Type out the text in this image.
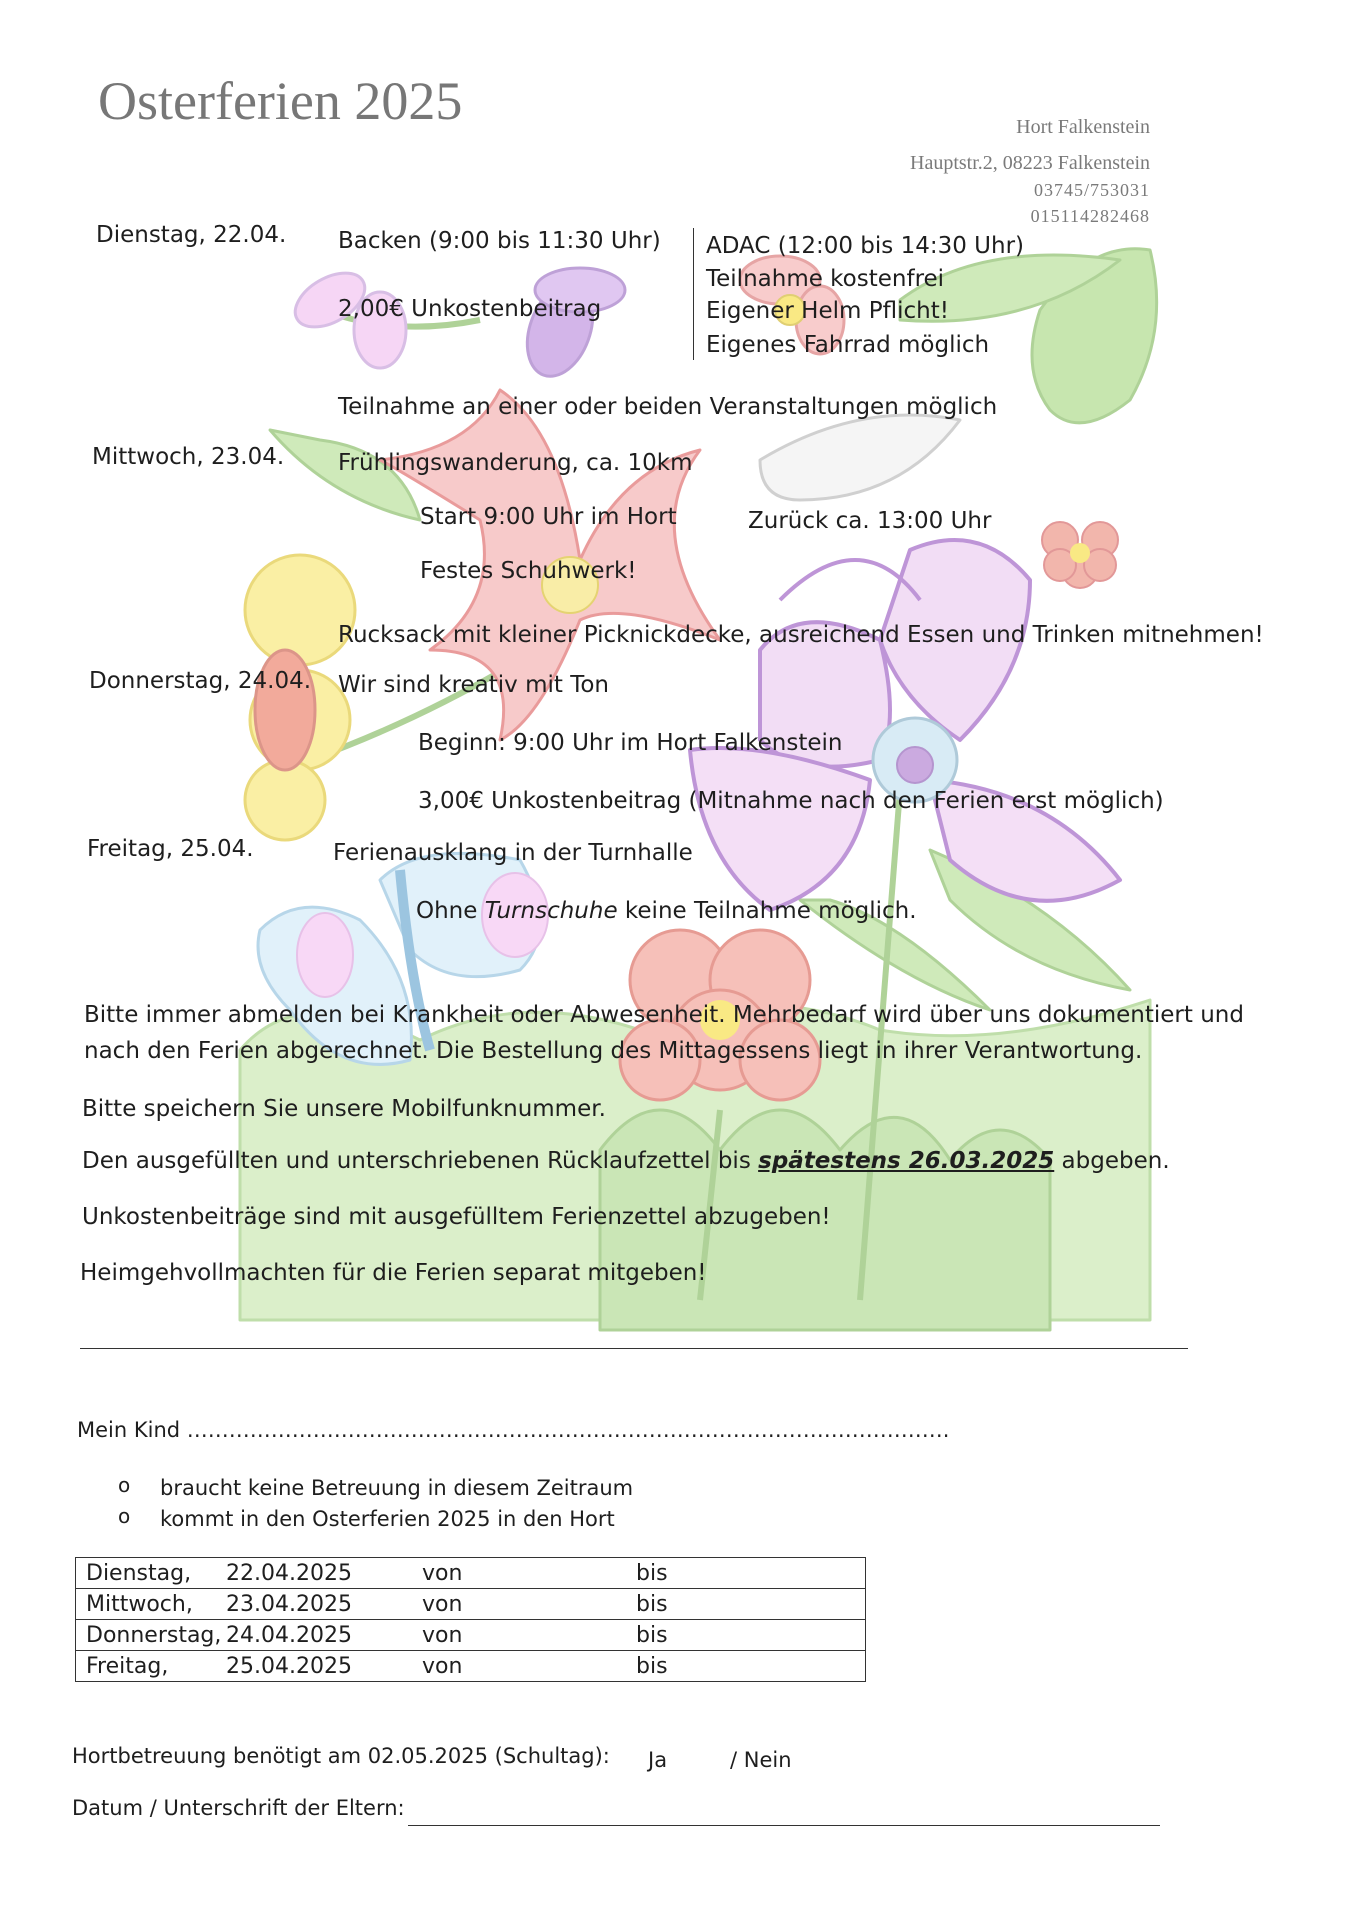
Osterferien 2025	Hort Falkenstein
Hauptstr.2, 08223 Falkenstein
03745/753031
015114282468
Dienstag, 22.04. Backen (9:00 bis 11:30 Uhr)
2,00€ Unkostenbeitrag
ADAC (12:00 bis 14:30 Uhr)
Teilnahme kostenfrei
Eigener Helm Pflicht!
Eigenes Fahrrad möglich
Teilnahme an einer oder beiden Veranstaltungen möglich
Mittwoch, 23.04. Frühlingswanderung, ca. 10km
Start 9:00 Uhr im Hort	Zurück ca. 13:00 Uhr
Festes Schuhwerk!
Rucksack mit kleiner Picknickdecke, ausreichend Essen und Trinken mitnehmen!
Donnerstag, 24.04. Wir sind kreativ mit Ton
Beginn: 9:00 Uhr im Hort Falkenstein
3,00€ Unkostenbeitrag (Mitnahme nach den Ferien erst möglich)
Freitag, 25.04.	Ferienausklang in der Turnhalle
Ohne Turnschuhe keine Teilnahme möglich.
Bitte immer abmelden bei Krankheit oder Abwesenheit. Mehrbedarf wird über uns dokumentiert und
nach den Ferien abgerechnet. Die Bestellung des Mittagessens liegt in ihrer Verantwortung.
Bitte speichern Sie unsere Mobilfunknummer.
Den ausgefüllten und unterschriebenen Rücklaufzettel bis spätestens 26.03.2025 abgeben.
Unkostenbeiträge sind mit ausgefülltem Ferienzettel abzugeben!
Heimgehvollmachten für die Ferien separat mitgeben!
Mein Kind ……………………………………………………………………………………………….
o braucht keine Betreuung in diesem Zeitraum
o kommt in den Osterferien 2025 in den Hort
Dienstag,	22.04.2025	von	bis
Mittwoch,	23.04.2025	von	bis
Donnerstag,	24.04.2025	von	bis
Freitag,	25.04.2025	von	bis
Hortbetreuung benötigt am 02.05.2025 (Schultag): Ja	/ Nein
Datum / Unterschrift der Eltern:
